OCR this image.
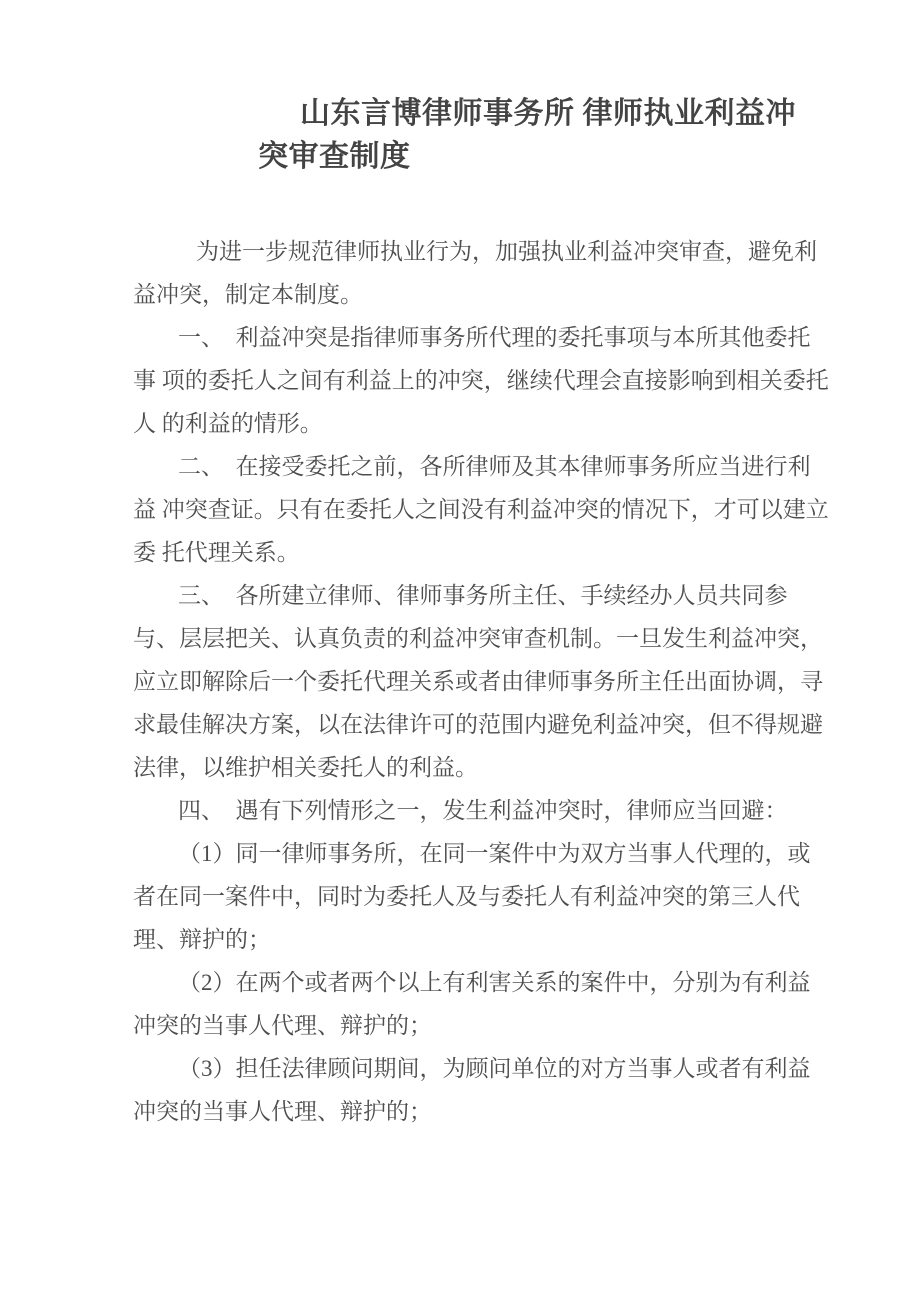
山东言博律师事务所 律师执业利益冲
突审查制度

为进一步规范律师执业行为，加强执业利益冲突审查，避免利益冲突，制定本制度。

一、　利益冲突是指律师事务所代理的委托事项与本所其他委托事 项的委托人之间有利益上的冲突，继续代理会直接影响到相关委托人 的利益的情形。

二、　在接受委托之前，各所律师及其本律师事务所应当进行利益 冲突查证。只有在委托人之间没有利益冲突的情况下，才可以建立委 托代理关系。

三、　各所建立律师、律师事务所主任、手续经办人员共同参与、层层把关、认真负责的利益冲突审查机制。一旦发生利益冲突，应立即解除后一个委托代理关系或者由律师事务所主任出面协调，寻求最佳解决方案，以在法律许可的范围内避免利益冲突，但不得规避法律，以维护相关委托人的利益。

四、　遇有下列情形之一，发生利益冲突时，律师应当回避：

（1）同一律师事务所，在同一案件中为双方当事人代理的，或者在同一案件中，同时为委托人及与委托人有利益冲突的第三人代 理、辩护的；

（2）在两个或者两个以上有利害关系的案件中，分别为有利益冲突的当事人代理、辩护的；

（3）担任法律顾问期间，为顾问单位的对方当事人或者有利益冲突的当事人代理、辩护的；
